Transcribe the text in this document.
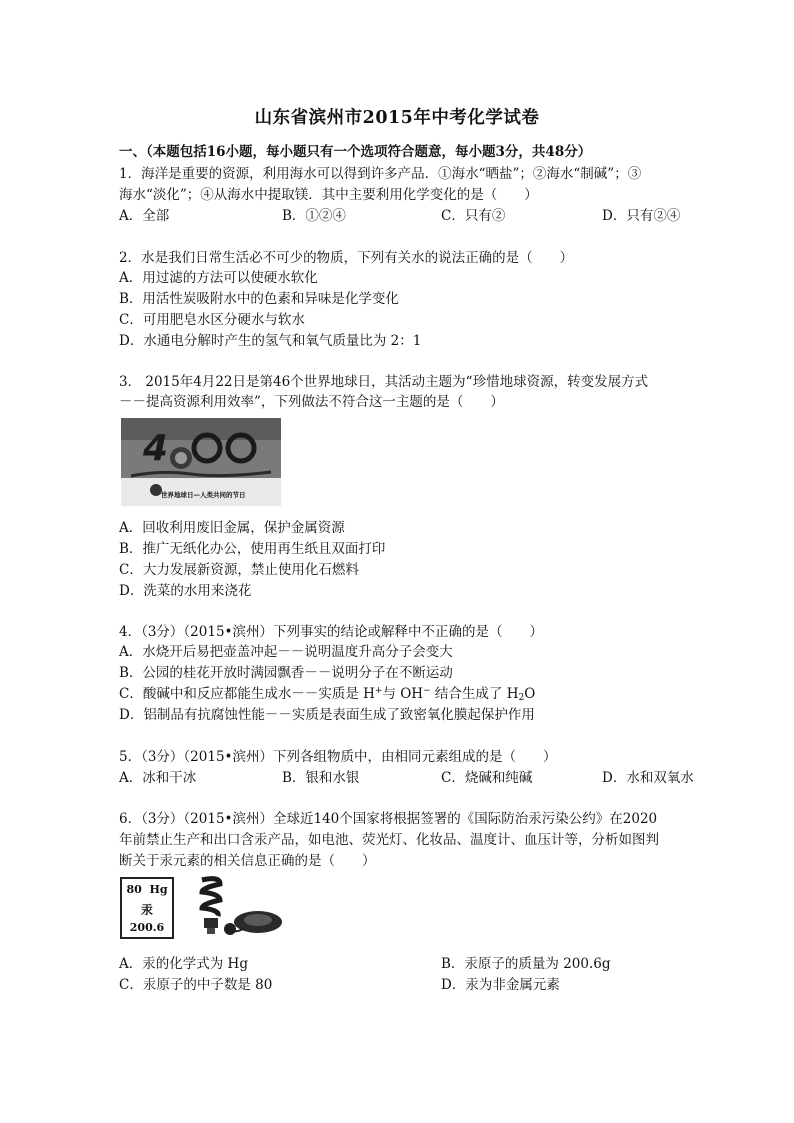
山东省滨州市2015年中考化学试卷
一、（本题包括16小题，每小题只有一个选项符合题意，每小题3分，共48分）
1．海洋是重要的资源，利用海水可以得到许多产品．①海水“晒盐”；②海水“制碱”；③
海水“淡化”；④从海水中提取镁．其中主要利用化学变化的是（　　）
A．全部	B．①②④	C．只有②	D．只有②④
2．水是我们日常生活必不可少的物质，下列有关水的说法正确的是（　　）
A．用过滤的方法可以使硬水软化
B．用活性炭吸附水中的色素和异味是化学变化
C．可用肥皂水区分硬水与软水
D．水通电分解时产生的氢气和氧气质量比为 2：1
3． 2015年4月22日是第46个世界地球日，其活动主题为“珍惜地球资源，转变发展方式
－－提高资源利用效率”，下列做法不符合这一主题的是（　　）
4
世界地球日—人类共同的节日
A．回收利用废旧金属，保护金属资源
B．推广无纸化办公，使用再生纸且双面打印
C．大力发展新资源，禁止使用化石燃料
D．洗菜的水用来浇花
4．（3分）（2015•滨州）下列事实的结论或解释中不正确的是（　　）
A．水烧开后易把壶盖冲起－－说明温度升高分子会变大
B．公园的桂花开放时满园飘香－－说明分子在不断运动
C．酸碱中和反应都能生成水－－实质是 H+与 OH− 结合生成了 $H_2O$
D．铝制品有抗腐蚀性能－－实质是表面生成了致密氧化膜起保护作用
5．（3分）（2015•滨州）下列各组物质中，由相同元素组成的是（　　）
A．冰和干冰	B．银和水银	C．烧碱和纯碱	D．水和双氧水
6．（3分）（2015•滨州）全球近140个国家将根据签署的《国际防治汞污染公约》在2020
年前禁止生产和出口含汞产品，如电池、荧光灯、化妆品、温度计、血压计等，分析如图判
断关于汞元素的相关信息正确的是（　　）
80 Hg
汞
200.6
A．汞的化学式为 Hg	B．汞原子的质量为 200.6g
C．汞原子的中子数是 80	D．汞为非金属元素
